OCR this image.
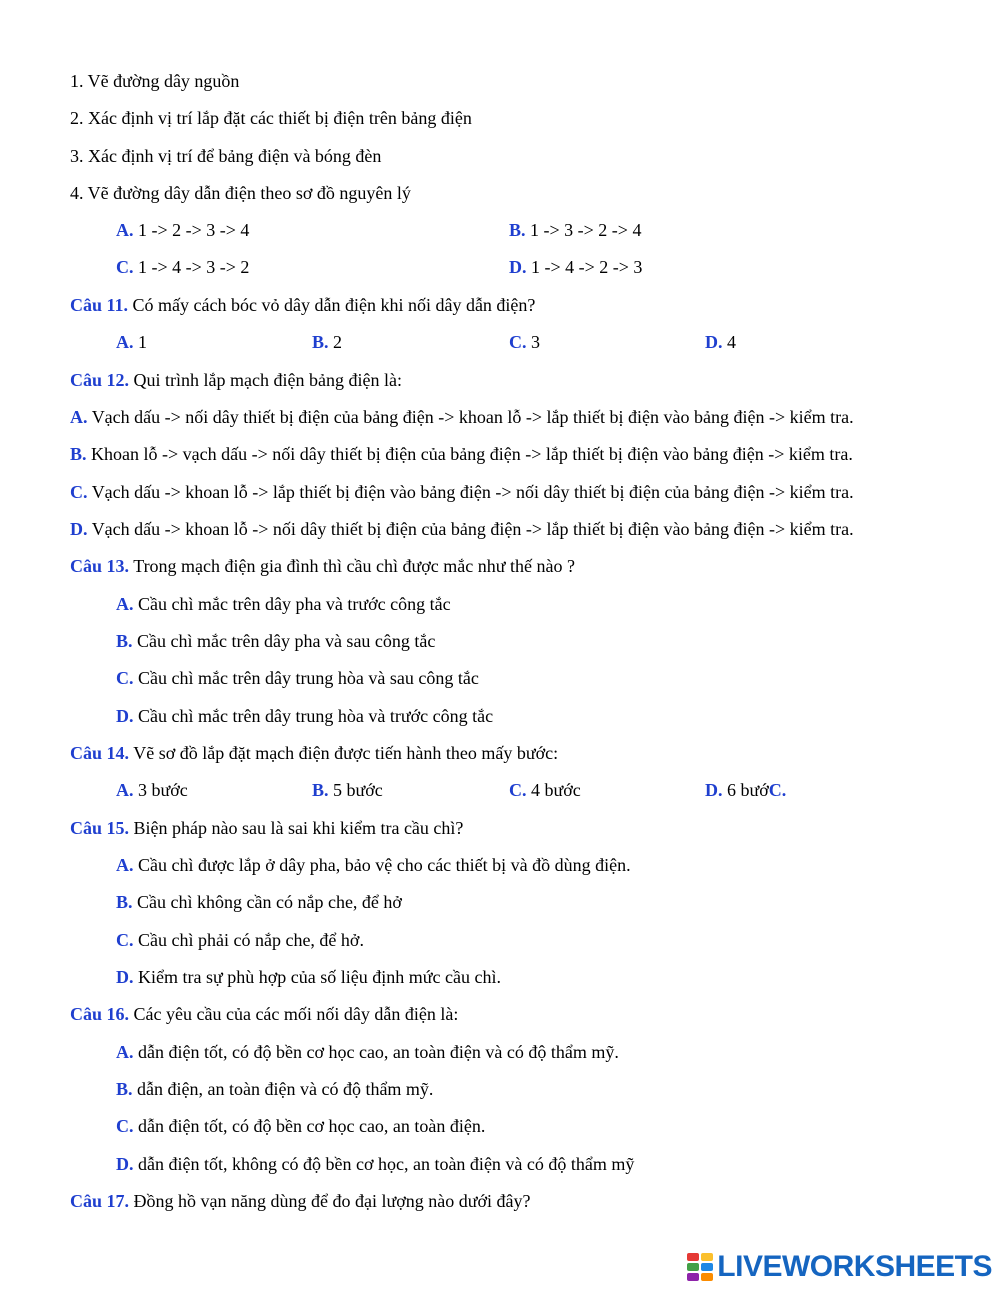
1. Vẽ đường dây nguồn
2. Xác định vị trí lắp đặt các thiết bị điện trên bảng điện
3. Xác định vị trí để bảng điện và bóng đèn
4. Vẽ đường dây dẫn điện theo sơ đồ nguyên lý
A. 1 -> 2 -> 3 -> 4	B. 1 -> 3 -> 2 -> 4
C. 1 -> 4 -> 3 -> 2	D. 1 -> 4 -> 2 -> 3
Câu 11. Có mấy cách bóc vỏ dây dẫn điện khi nối dây dẫn điện?
A. 1	B. 2	C. 3	D. 4
Câu 12. Qui trình lắp mạch điện bảng điện là:
A. Vạch dấu -> nối dây thiết bị điện của bảng điện -> khoan lỗ -> lắp thiết bị điện vào bảng điện -> kiểm tra.
B. Khoan lỗ -> vạch dấu -> nối dây thiết bị điện của bảng điện -> lắp thiết bị điện vào bảng điện -> kiểm tra.
C. Vạch dấu -> khoan lỗ -> lắp thiết bị điện vào bảng điện -> nối dây thiết bị điện của bảng điện -> kiểm tra.
D. Vạch dấu -> khoan lỗ -> nối dây thiết bị điện của bảng điện -> lắp thiết bị điện vào bảng điện -> kiểm tra.
Câu 13. Trong mạch điện gia đình thì cầu chì được mắc như thế nào ?
A. Cầu chì mắc trên dây pha và trước công tắc
B. Cầu chì mắc trên dây pha và sau công tắc
C. Cầu chì mắc trên dây trung hòa và sau công tắc
D. Cầu chì mắc trên dây trung hòa và trước công tắc
Câu 14. Vẽ sơ đồ lắp đặt mạch điện được tiến hành theo mấy bước:
A. 3 bước	B. 5 bước	C. 4 bước	D. 6 bướC.
Câu 15. Biện pháp nào sau là sai khi kiểm tra cầu chì?
A. Cầu chì được lắp ở dây pha, bảo vệ cho các thiết bị và đồ dùng điện.
B. Cầu chì không cần có nắp che, để hở
C. Cầu chì phải có nắp che, để hở.
D. Kiểm tra sự phù hợp của số liệu định mức cầu chì.
Câu 16. Các yêu cầu của các mối nối dây dẫn điện là:
A. dẫn điện tốt, có độ bền cơ học cao, an toàn điện và có độ thẩm mỹ.
B. dẫn điện, an toàn điện và có độ thẩm mỹ.
C. dẫn điện tốt, có độ bền cơ học cao, an toàn điện.
D. dẫn điện tốt, không có độ bền cơ học, an toàn điện và có độ thẩm mỹ
Câu 17. Đồng hồ vạn năng dùng để đo đại lượng nào dưới đây?
LIVEWORKSHEETS
